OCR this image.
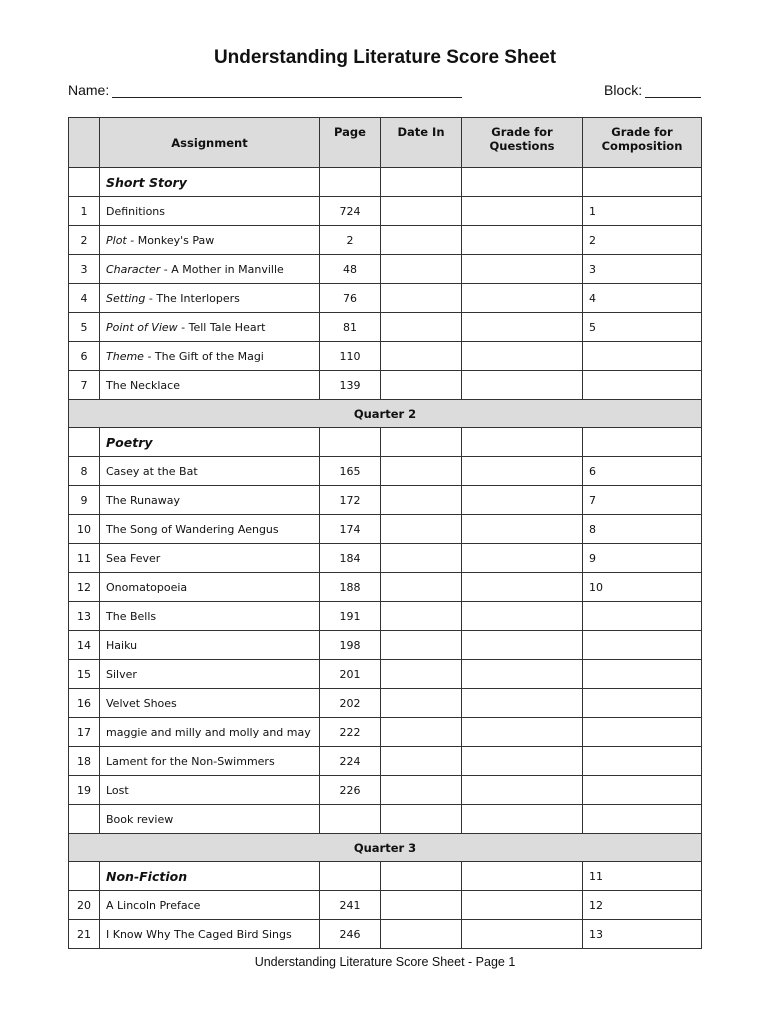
Understanding Literature Score Sheet
Name:	Block:
	Assignment	Page	Date In	Grade for Questions	Grade for Composition
	Short Story				
1	Definitions	724			1
2	Plot - Monkey's Paw	2			2
3	Character - A Mother in Manville	48			3
4	Setting - The Interlopers	76			4
5	Point of View - Tell Tale Heart	81			5
6	Theme - The Gift of the Magi	110			
7	The Necklace	139			
Quarter 2					
	Poetry				
8	Casey at the Bat	165			6
9	The Runaway	172			7
10	The Song of Wandering Aengus	174			8
11	Sea Fever	184			9
12	Onomatopoeia	188			10
13	The Bells	191			
14	Haiku	198			
15	Silver	201			
16	Velvet Shoes	202			
17	maggie and milly and molly and may	222			
18	Lament for the Non-Swimmers	224			
19	Lost	226			
	Book review				
Quarter 3					
	Non-Fiction				11
20	A Lincoln Preface	241			12
21	I Know Why The Caged Bird Sings	246			13
Understanding Literature Score Sheet - Page 1
